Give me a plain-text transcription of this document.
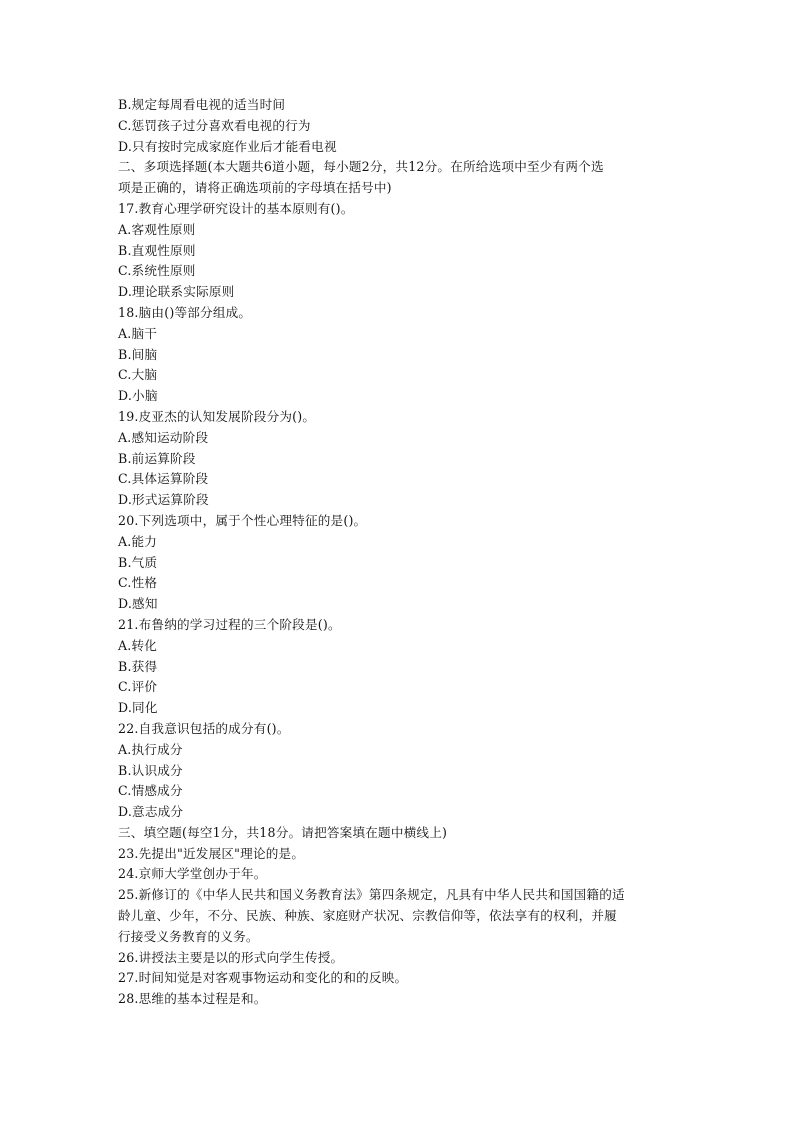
B.规定每周看电视的适当时间
C.惩罚孩子过分喜欢看电视的行为
D.只有按时完成家庭作业后才能看电视
二、多项选择题(本大题共6道小题，每小题2分，共12分。在所给选项中至少有两个选
项是正确的，请将正确选项前的字母填在括号中)
17.教育心理学研究设计的基本原则有()。
A.客观性原则
B.直观性原则
C.系统性原则
D.理论联系实际原则
18.脑由()等部分组成。
A.脑干
B.间脑
C.大脑
D.小脑
19.皮亚杰的认知发展阶段分为()。
A.感知运动阶段
B.前运算阶段
C.具体运算阶段
D.形式运算阶段
20.下列选项中，属于个性心理特征的是()。
A.能力
B.气质
C.性格
D.感知
21.布鲁纳的学习过程的三个阶段是()。
A.转化
B.获得
C.评价
D.同化
22.自我意识包括的成分有()。
A.执行成分
B.认识成分
C.情感成分
D.意志成分
三、填空题(每空1分，共18分。请把答案填在题中横线上)
23.先提出"近发展区"理论的是。
24.京师大学堂创办于年。
25.新修订的《中华人民共和国义务教育法》第四条规定，凡具有中华人民共和国国籍的适
龄儿童、少年，不分、民族、种族、家庭财产状况、宗教信仰等，依法享有的权利，并履
行接受义务教育的义务。
26.讲授法主要是以的形式向学生传授。
27.时间知觉是对客观事物运动和变化的和的反映。
28.思维的基本过程是和。
